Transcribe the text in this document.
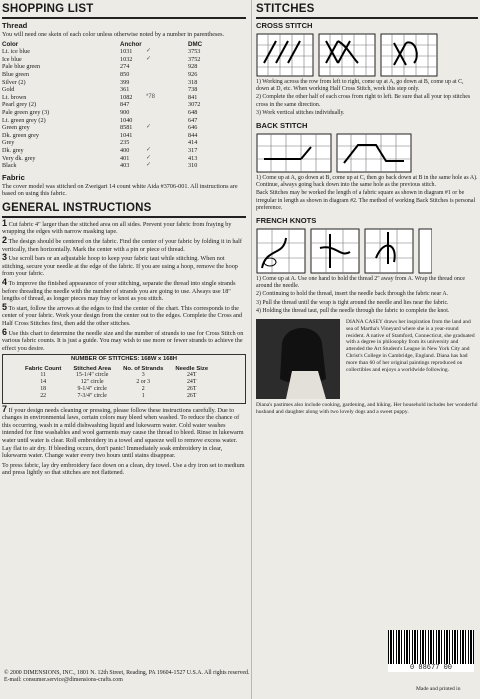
SHOPPING LIST
Thread

You will need one skein of each color unless otherwise noted by a number in parentheses.

Color	Anchor	DMC
Lt. ice blue	1031	✓	3753
Ice blue	1032	✓	3752
Pale blue green	274	928
Blue green	850	926
Silver (2)	399	318
Gold	361	738
Lt. brown	1082	*78	841
Pearl grey (2)	847	3072
Pale green grey (3)	900	648
Lt. green grey (2)	1040	647
Green grey	8581	✓	646
Dk. green grey	1041	844
Grey	235	414
Dk. grey	400	✓	317
Very dk. grey	401	✓	413
Black	403	✓	310
Fabric

The cover model was stitched on Zweigart 14 count white Aida #3706-001. All instructions are based on using this fabric.

GENERAL INSTRUCTIONS

1 Cut fabric 4" larger than the stitched area on all sides. Prevent your fabric from fraying by wrapping the edges with narrow masking tape.

2 The design should be centered on the fabric. Find the center of your fabric by folding it in half vertically, then horizontally. Mark the center with a pin or piece of thread.

3 Use scroll bars or an adjustable hoop to keep your fabric taut while stitching. When not stitching, secure your needle at the edge of the fabric. If you are using a hoop, remove the hoop from your fabric.

4 To improve the finished appearance of your stitching, separate the thread into single strands before threading the needle with the number of strands you are going to use. Always use 18" lengths of thread, as longer pieces may fray or knot as you stitch.

5 To start, follow the arrows at the edges to find the center of the chart. This corresponds to the center of your fabric. Work your design from the center out to the edges. Complete the Cross and Half Cross Stitches first, then add the other stitches.

6 Use this chart to determine the needle size and the number of strands to use for Cross Stitch on various fabric counts. It is just a guide. You may wish to use more or fewer strands to achieve the effect you desire.

NUMBER OF STITCHES: 168W x 168H
Fabric Count	Stitched Area	No. of Strands	Needle Size
11	15-1/4" circle	3	24T
14	12" circle	2 or 3	24T
18	9-1/4" circle	2	26T
22	7-3/4" circle	1	26T

7 If your design needs cleaning or pressing, please follow these instructions carefully. Due to changes in environmental laws, certain colors may bleed when washed. To reduce the chance of this occurring, wash in a mild dishwashing liquid and lukewarm water. Cold water washes intended for fine washables and wool garments may cause the thread to bleed. Rinse in lukewarm water until water is clear. Roll embroidery in a towel and squeeze well to remove excess water. Lay flat to air dry. If bleeding occurs, don't panic! Immediately soak embroidery in clear, lukewarm water. Change water every two hours until stains disappear.

To press fabric, lay dry embroidery face down on a clean, dry towel. Use a dry iron set to medium and press lightly so that stitches are not flattened.

STITCHES
CROSS STITCH

1) Working across the row from left to right, come up at A, go down at B, come up at C, down at D, etc. When working Half Cross Stitch, work this step only.

2) Complete the other half of each cross from right to left. Be sure that all your top stitches cross in the same direction.

3) Work vertical stitches individually.

BACK STITCH

1) Come up at A, go down at B, come up at C, then go back down at B in the same hole as A). Continue, always going back down into the same hole as the previous stitch.

Back Stitches may be worked the length of a fabric square as shown in diagram #1 or be irregular in length as shown in diagram #2. The method of working Back Stitches is personal preference.

FRENCH KNOTS

1) Come up at A. Use one hand to hold the thread 2" away from A. Wrap the thread once around the needle.

2) Continuing to hold the thread, insert the needle back through the fabric near A.

3) Pull the thread until the wrap is tight around the needle and lies near the fabric.

4) Holding the thread taut, pull the needle through the fabric to complete the knot.

DIANA CASEY draws her inspiration from the land and sea of Martha's Vineyard where she is a year-round resident. A native of Stamford, Connecticut, she graduated with a degree in philosophy from its university and attended the Art Student's League in New York City and Christ's College in Cambridge, England. Diana has had more than 60 of her original paintings reproduced on collectibles and enjoys a worldwide following.

Diana's pastimes also include cooking, gardening, and hiking. Her household includes her wonderful husband and daughter along with two lovely dogs and a sweet puppy.

© 2000 DIMENSIONS, INC., 1801 N. 12th Street, Reading, PA 19604-1527 U.S.A. All rights reserved.
E-mail: consumer.service@dimensions-crafts.com
0 88677 00
Made and printed in
